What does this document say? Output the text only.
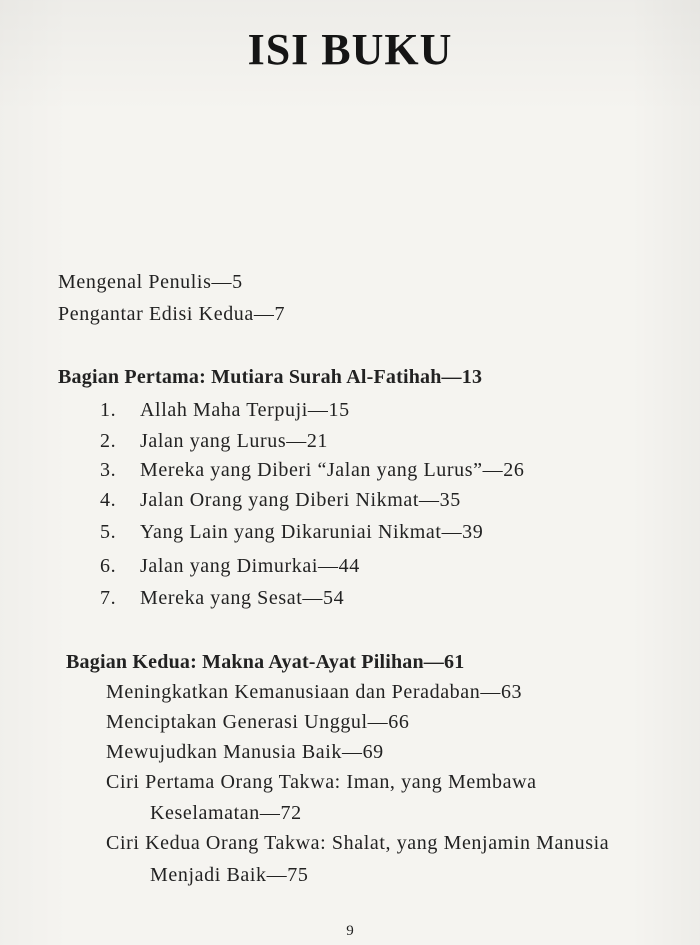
ISI BUKU
Mengenal Penulis—5
Pengantar Edisi Kedua—7
Bagian Pertama: Mutiara Surah Al-Fatihah—13
1. Allah Maha Terpuji—15
2. Jalan yang Lurus—21
3. Mereka yang Diberi “Jalan yang Lurus”—26
4. Jalan Orang yang Diberi Nikmat—35
5. Yang Lain yang Dikaruniai Nikmat—39
6. Jalan yang Dimurkai—44
7. Mereka yang Sesat—54
Bagian Kedua: Makna Ayat-Ayat Pilihan—61
Meningkatkan Kemanusiaan dan Peradaban—63
Menciptakan Generasi Unggul—66
Mewujudkan Manusia Baik—69
Ciri Pertama Orang Takwa: Iman, yang Membawa
Keselamatan—72
Ciri Kedua Orang Takwa: Shalat, yang Menjamin Manusia
Menjadi Baik—75
9
